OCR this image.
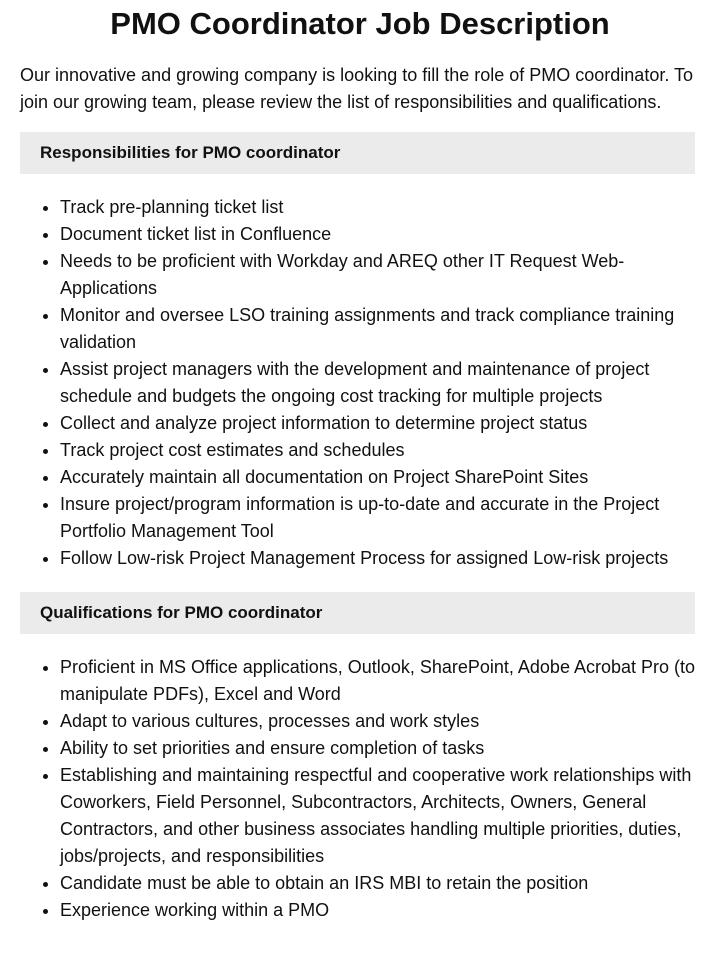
PMO Coordinator Job Description

Our innovative and growing company is looking to fill the role of PMO coordinator. To join our growing team, please review the list of responsibilities and qualifications.

Responsibilities for PMO coordinator
• Track pre-planning ticket list
• Document ticket list in Confluence
• Needs to be proficient with Workday and AREQ other IT Request Web-Applications
• Monitor and oversee LSO training assignments and track compliance training validation
• Assist project managers with the development and maintenance of project schedule and budgets the ongoing cost tracking for multiple projects
• Collect and analyze project information to determine project status
• Track project cost estimates and schedules
• Accurately maintain all documentation on Project SharePoint Sites
• Insure project/program information is up-to-date and accurate in the Project Portfolio Management Tool
• Follow Low-risk Project Management Process for assigned Low-risk projects
Qualifications for PMO coordinator
• Proficient in MS Office applications, Outlook, SharePoint, Adobe Acrobat Pro (to manipulate PDFs), Excel and Word
• Adapt to various cultures, processes and work styles
• Ability to set priorities and ensure completion of tasks
• Establishing and maintaining respectful and cooperative work relationships with Coworkers, Field Personnel, Subcontractors, Architects, Owners, General Contractors, and other business associates handling multiple priorities, duties, jobs/projects, and responsibilities
• Candidate must be able to obtain an IRS MBI to retain the position
• Experience working within a PMO
